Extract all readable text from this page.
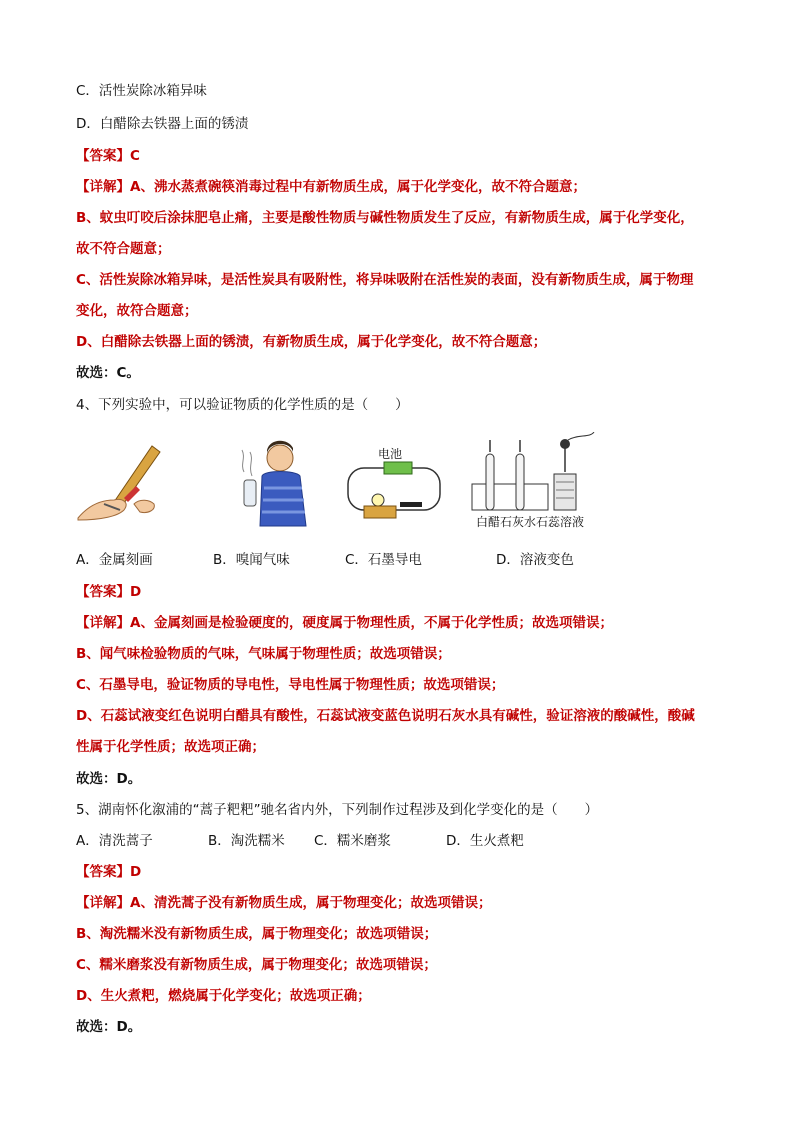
C．活性炭除冰箱异味
D．白醋除去铁器上面的锈渍
【答案】C
【详解】A、沸水蒸煮碗筷消毒过程中有新物质生成，属于化学变化，故不符合题意；
B、蚊虫叮咬后涂抹肥皂止痛，主要是酸性物质与碱性物质发生了反应，有新物质生成，属于化学变化，
故不符合题意；
C、活性炭除冰箱异味，是活性炭具有吸附性，将异味吸附在活性炭的表面，没有新物质生成，属于物理
变化，故符合题意；
D、白醋除去铁器上面的锈渍，有新物质生成，属于化学变化，故不符合题意；
故选：C。
4、下列实验中，可以验证物质的化学性质的是（　　）
电池
白醋石灰水石蕊溶液
A．金属刻画	B．嗅闻气味	C．石墨导电	D．溶液变色
【答案】D
【详解】A、金属刻画是检验硬度的，硬度属于物理性质，不属于化学性质；故选项错误；
B、闻气味检验物质的气味，气味属于物理性质；故选项错误；
C、石墨导电，验证物质的导电性，导电性属于物理性质；故选项错误；
D、石蕊试液变红色说明白醋具有酸性，石蕊试液变蓝色说明石灰水具有碱性，验证溶液的酸碱性，酸碱
性属于化学性质；故选项正确；
故选：D。
5、湖南怀化溆浦的“蒿子粑粑”驰名省内外，下列制作过程涉及到化学变化的是（　　）
A．清洗蒿子	B．淘洗糯米 C．糯米磨浆	D．生火煮粑
【答案】D
【详解】A、清洗蒿子没有新物质生成，属于物理变化；故选项错误；
B、淘洗糯米没有新物质生成，属于物理变化；故选项错误；
C、糯米磨浆没有新物质生成，属于物理变化；故选项错误；
D、生火煮粑，燃烧属于化学变化；故选项正确；
故选：D。
